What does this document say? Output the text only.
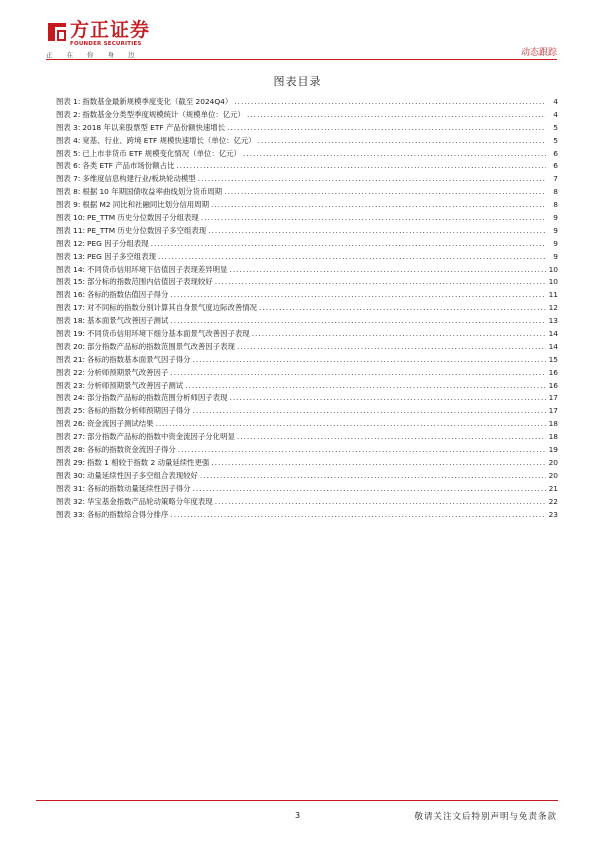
方正证券
FOUNDER SECURITIES
正在你身边	动态跟踪
图表目录
图表 1: 指数基金最新规模季度变化（截至 2024Q4） .....	4
图表 2: 指数基金分类型季度规模统计（规模单位：亿元） .....	4
图表 3: 2018 年以来股票型 ETF 产品份额快速增长 .....	5
图表 4: 宽基、行业、跨境 ETF 规模快速增长（单位：亿元） .....	5
图表 5: 已上市非货币 ETF 规模变化情况（单位：亿元） .....	6
图表 6: 各类 ETF 产品市场份额占比 .....	6
图表 7: 多维度信息构建行业/板块轮动模型 .....	7
图表 8: 根据 10 年期国债收益率曲线划分货币周期 .....	8
图表 9: 根据 M2 同比和社融同比划分信用周期 .....	8
图表 10: PE_TTM 历史分位数因子分组表现 .....	9
图表 11: PE_TTM 历史分位数因子多空组表现 .....	9
图表 12: PEG 因子分组表现 .....	9
图表 13: PEG 因子多空组表现 .....	9
图表 14: 不同货币信用环境下估值因子表现差异明显 .....	10
图表 15: 部分标的指数范围内估值因子表现较好 .....	10
图表 16: 各标的指数估值因子得分 .....	11
图表 17: 对不同标的指数分别计算其自身景气度边际改善情况 .....	12
图表 18: 基本面景气改善因子测试 .....	13
图表 19: 不同货币信用环境下细分基本面景气改善因子表现 .....	14
图表 20: 部分指数产品标的指数范围景气改善因子表现 .....	14
图表 21: 各标的指数基本面景气因子得分 .....	15
图表 22: 分析师预期景气改善因子 .....	16
图表 23: 分析师预期景气改善因子测试 .....	16
图表 24: 部分指数产品标的指数范围分析师因子表现 .....	17
图表 25: 各标的指数分析师预期因子得分 .....	17
图表 26: 资金流因子测试结果 .....	18
图表 27: 部分指数产品标的指数中资金流因子分化明显 .....	18
图表 28: 各标的指数资金流因子得分 .....	19
图表 29: 指数 1 相较于指数 2 动量延续性更强 .....	20
图表 30: 动量延续性因子多空组合表现较好 .....	20
图表 31: 各标的指数动量延续性因子得分 .....	21
图表 32: 华宝基金指数产品轮动策略分年度表现 .....	22
图表 33: 各标的指数综合得分排序 .....	23
3	敬请关注文后特别声明与免责条款
